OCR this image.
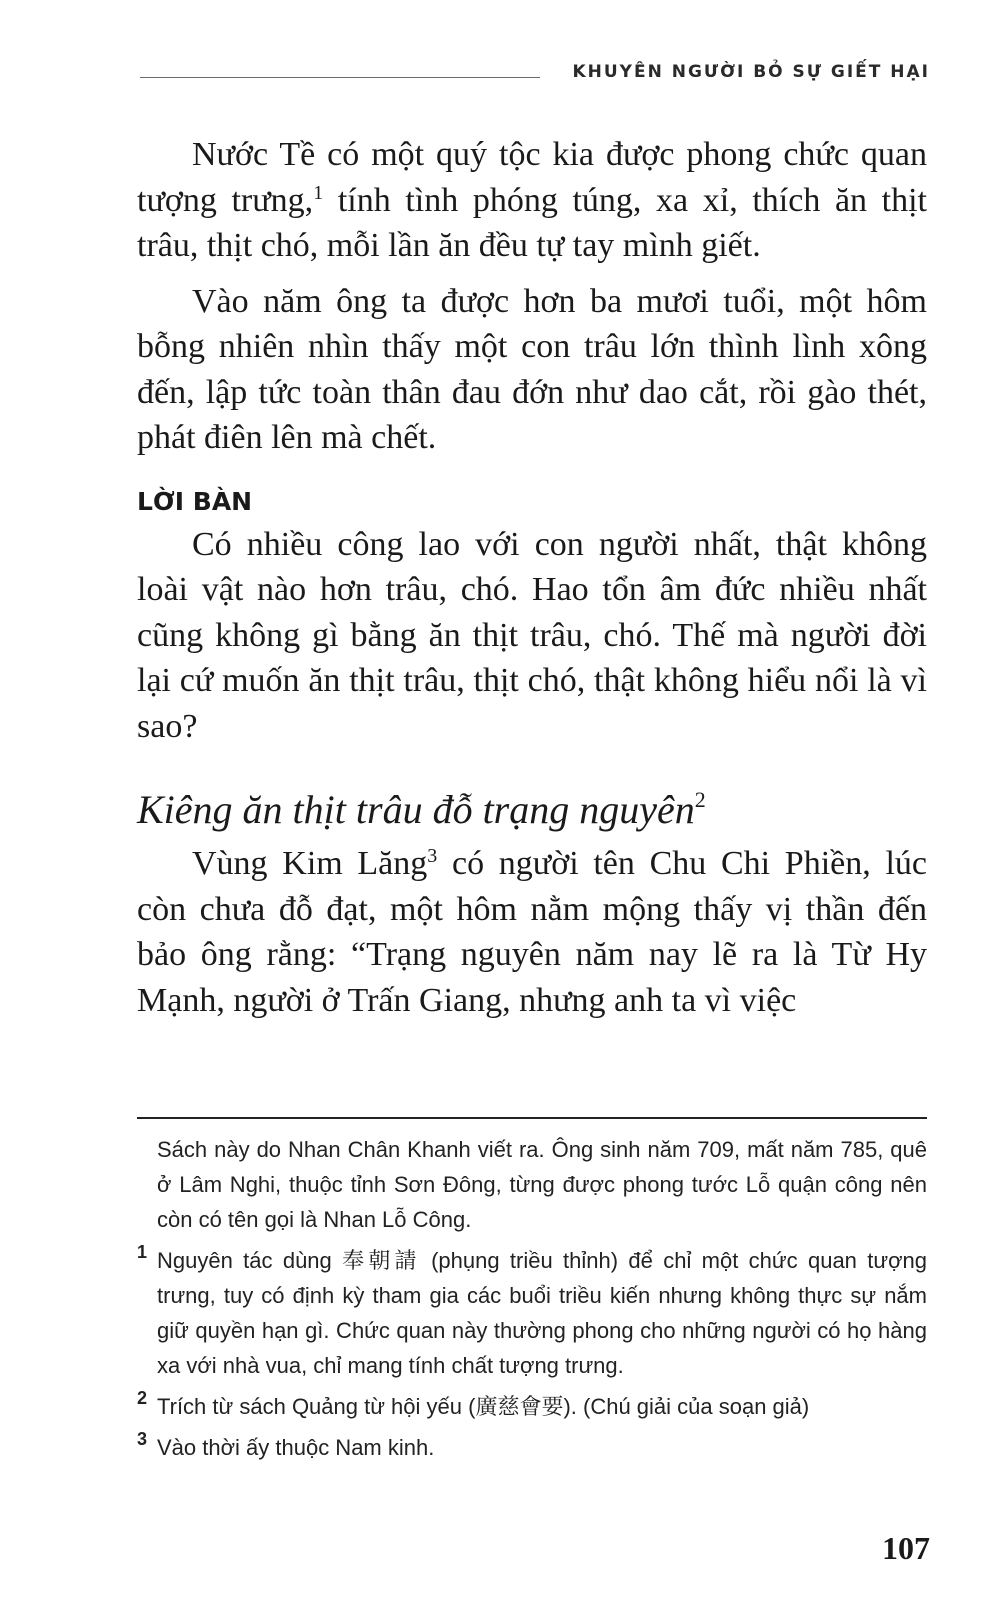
KHUYÊN NGƯỜI BỎ SỰ GIẾT HẠI

Nước Tề có một quý tộc kia được phong chức quan tượng trưng,$^1$ tính tình phóng túng, xa xỉ, thích ăn thịt trâu, thịt chó, mỗi lần ăn đều tự tay mình giết.

Vào năm ông ta được hơn ba mươi tuổi, một hôm bỗng nhiên nhìn thấy một con trâu lớn thình lình xông đến, lập tức toàn thân đau đớn như dao cắt, rồi gào thét, phát điên lên mà chết.

LỜI BÀN

Có nhiều công lao với con người nhất, thật không loài vật nào hơn trâu, chó. Hao tổn âm đức nhiều nhất cũng không gì bằng ăn thịt trâu, chó. Thế mà người đời lại cứ muốn ăn thịt trâu, thịt chó, thật không hiểu nổi là vì sao?

Kiêng ăn thịt trâu đỗ trạng nguyên$^2$

Vùng Kim Lăng$^3$ có người tên Chu Chi Phiền, lúc còn chưa đỗ đạt, một hôm nằm mộng thấy vị thần đến bảo ông rằng: “Trạng nguyên năm nay lẽ ra là Từ Hy Mạnh, người ở Trấn Giang, nhưng anh ta vì việc

Sách này do Nhan Chân Khanh viết ra. Ông sinh năm 709, mất năm 785, quê ở Lâm Nghi, thuộc tỉnh Sơn Đông, từng được phong tước Lỗ quận công nên còn có tên gọi là Nhan Lỗ Công.
1 Nguyên tác dùng 奉朝請 (phụng triều thỉnh) để chỉ một chức quan tượng trưng, tuy có định kỳ tham gia các buổi triều kiến nhưng không thực sự nắm giữ quyền hạn gì. Chức quan này thường phong cho những người có họ hàng xa với nhà vua, chỉ mang tính chất tượng trưng.
2 Trích từ sách Quảng từ hội yếu (廣慈會要). (Chú giải của soạn giả)
3 Vào thời ấy thuộc Nam kinh.
107
